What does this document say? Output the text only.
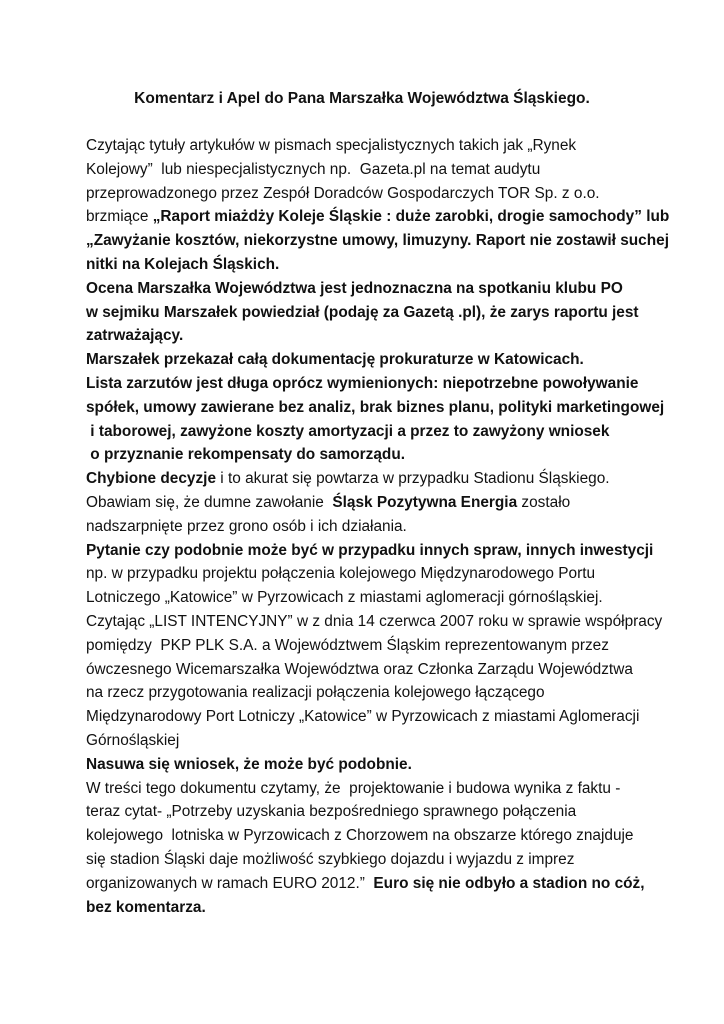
Komentarz i Apel do Pana Marszałka Województwa Śląskiego.
Czytając tytuły artykułów w pismach specjalistycznych takich jak „Rynek
Kolejowy”  lub niespecjalistycznych np.  Gazeta.pl na temat audytu
przeprowadzonego przez Zespół Doradców Gospodarczych TOR Sp. z o.o.
brzmiące „Raport miażdży Koleje Śląskie : duże zarobki, drogie samochody” lub
„Zawyżanie kosztów, niekorzystne umowy, limuzyny. Raport nie zostawił suchej
nitki na Kolejach Śląskich.
Ocena Marszałka Województwa jest jednoznaczna na spotkaniu klubu PO
w sejmiku Marszałek powiedział (podaję za Gazetą .pl), że zarys raportu jest
zatrważający.
Marszałek przekazał całą dokumentację prokuraturze w Katowicach.
Lista zarzutów jest długa oprócz wymienionych: niepotrzebne powoływanie
spółek, umowy zawierane bez analiz, brak biznes planu, polityki marketingowej
i taborowej, zawyżone koszty amortyzacji a przez to zawyżony wniosek
o przyznanie rekompensaty do samorządu.
Chybione decyzje i to akurat się powtarza w przypadku Stadionu Śląskiego.
Obawiam się, że dumne zawołanie  Śląsk Pozytywna Energia zostało
nadszarpnięte przez grono osób i ich działania.
Pytanie czy podobnie może być w przypadku innych spraw, innych inwestycji
np. w przypadku projektu połączenia kolejowego Międzynarodowego Portu
Lotniczego „Katowice” w Pyrzowicach z miastami aglomeracji górnośląskiej.
Czytając „LIST INTENCYJNY” w z dnia 14 czerwca 2007 roku w sprawie współpracy
pomiędzy  PKP PLK S.A. a Województwem Śląskim reprezentowanym przez
ówczesnego Wicemarszałka Województwa oraz Członka Zarządu Województwa
na rzecz przygotowania realizacji połączenia kolejowego łączącego
Międzynarodowy Port Lotniczy „Katowice” w Pyrzowicach z miastami Aglomeracji
Górnośląskiej
Nasuwa się wniosek, że może być podobnie.
W treści tego dokumentu czytamy, że  projektowanie i budowa wynika z faktu -
teraz cytat- „Potrzeby uzyskania bezpośredniego sprawnego połączenia
kolejowego  lotniska w Pyrzowicach z Chorzowem na obszarze którego znajduje
się stadion Śląski daje możliwość szybkiego dojazdu i wyjazdu z imprez
organizowanych w ramach EURO 2012.”  Euro się nie odbyło a stadion no cóż,
bez komentarza.
